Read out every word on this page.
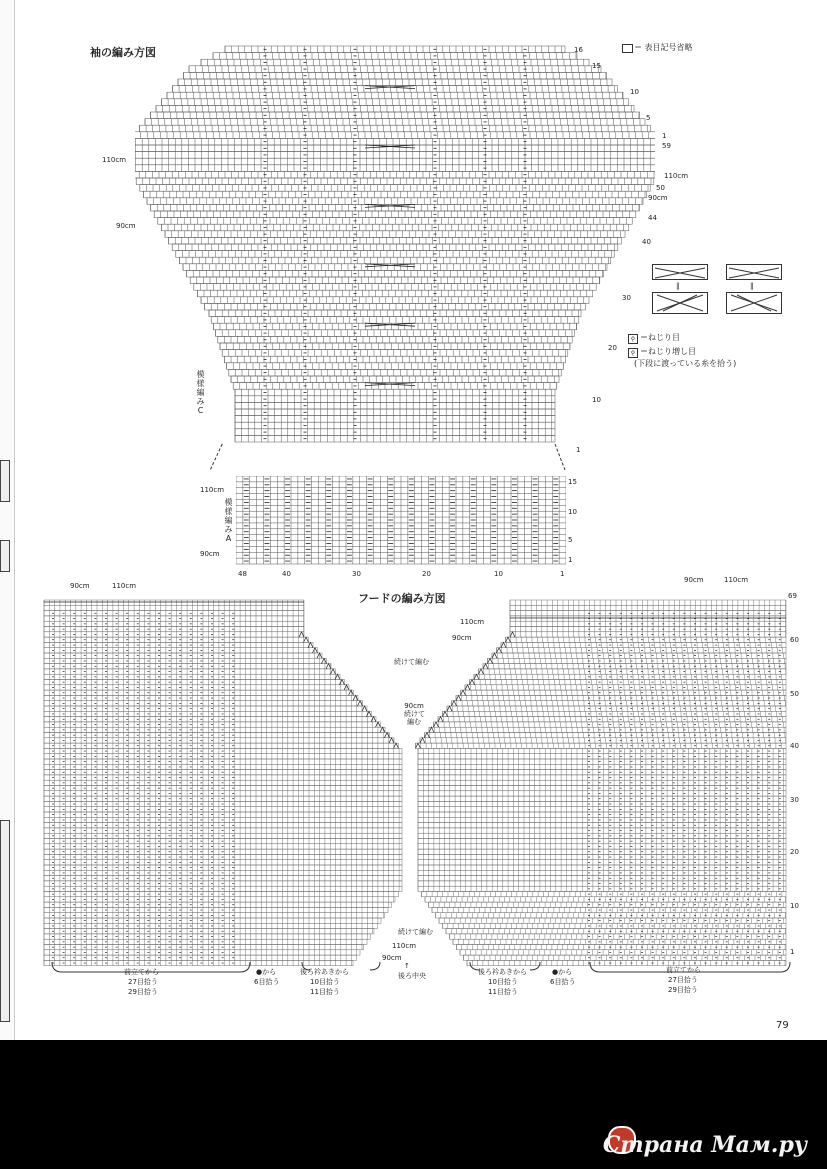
袖の編み方図	＝ 表目記号省略
110cm
90cm
110cm
90cm
模様編みC
16
15
10
5
1
59
50
44
40
30
20
10
1
‖	‖
ǫ ＝ねじり目
ǫ ＝ねじり増し目
(下段に渡っている糸を拾う)
110cm
90cm
模様編みA
15
10
5
1
48	40	30	20	10	1
フードの編み方図
90cm	110cm
90cm	110cm
110cm
90cm
続けて編む
90cm
続けて
編む
続けて編む
110cm
90cm
↑
後ろ中央
69
60
50
40
30
20
10
1
前立てから
27目拾う
29目拾う
●から
6目拾う
後ろ衿あきから
10目拾う
11目拾う
後ろ衿あきから
10目拾う
11目拾う
●から
6目拾う
前立てから
27目拾う
29目拾う
79
Страна Мам.ру
